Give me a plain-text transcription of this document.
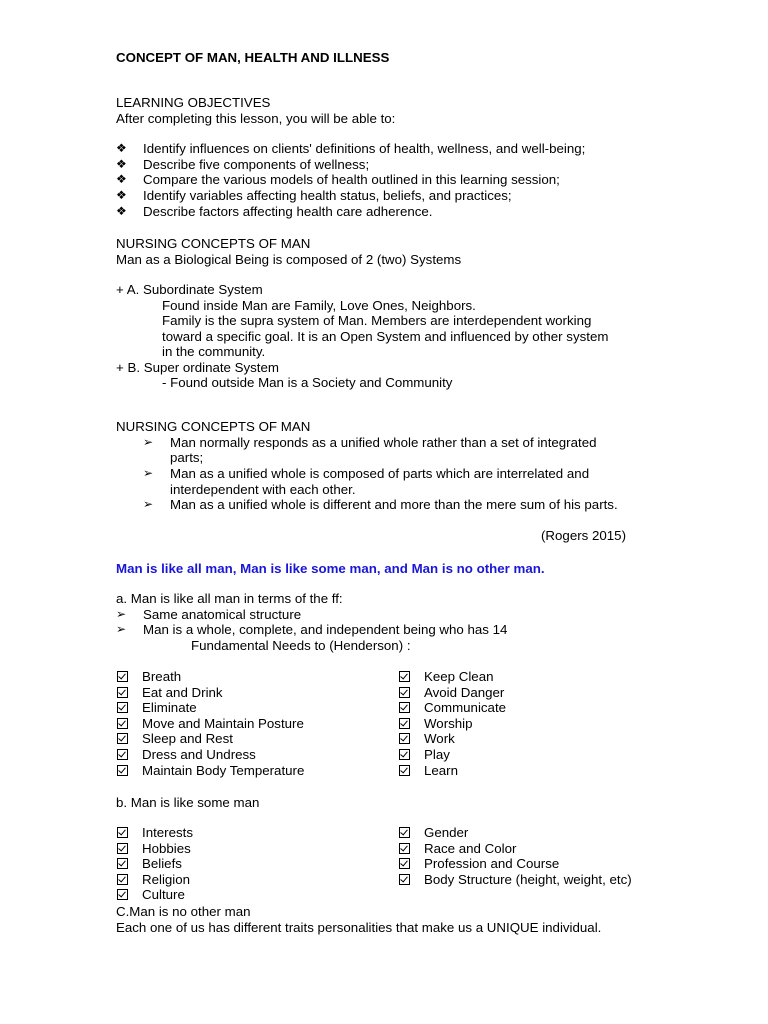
CONCEPT OF MAN, HEALTH AND ILLNESS
LEARNING OBJECTIVES
After completing this lesson, you will be able to:
❖	Identify influences on clients' definitions of health, wellness, and well-being;
❖	Describe five components of wellness;
❖	Compare the various models of health outlined in this learning session;
❖	Identify variables affecting health status, beliefs, and practices;
❖	Describe factors affecting health care adherence.
NURSING CONCEPTS OF MAN
Man as a Biological Being is composed of 2 (two) Systems
+ A. Subordinate System
Found inside Man are Family, Love Ones, Neighbors.
Family is the supra system of Man. Members are interdependent working
toward a specific goal. It is an Open System and influenced by other system
in the community.
+ B. Super ordinate System
- Found outside Man is a Society and Community
NURSING CONCEPTS OF MAN
➢	Man normally responds as a unified whole rather than a set of integrated
parts;
➢	Man as a unified whole is composed of parts which are interrelated and
interdependent with each other.
➢	Man as a unified whole is different and more than the mere sum of his parts.
(Rogers 2015)
Man is like all man, Man is like some man, and Man is no other man.
a. Man is like all man in terms of the ff:
➢	Same anatomical structure
➢	Man is a whole, complete, and independent being who has 14
Fundamental Needs to (Henderson) :
Breath
Eat and Drink
Eliminate
Move and Maintain Posture
Sleep and Rest
Dress and Undress
Maintain Body Temperature
Keep Clean
Avoid Danger
Communicate
Worship
Work
Play
Learn
b. Man is like some man
Interests
Hobbies
Beliefs
Religion
Culture
Gender
Race and Color
Profession and Course
Body Structure (height, weight, etc)
C.Man is no other man
Each one of us has different traits personalities that make us a UNIQUE individual.
